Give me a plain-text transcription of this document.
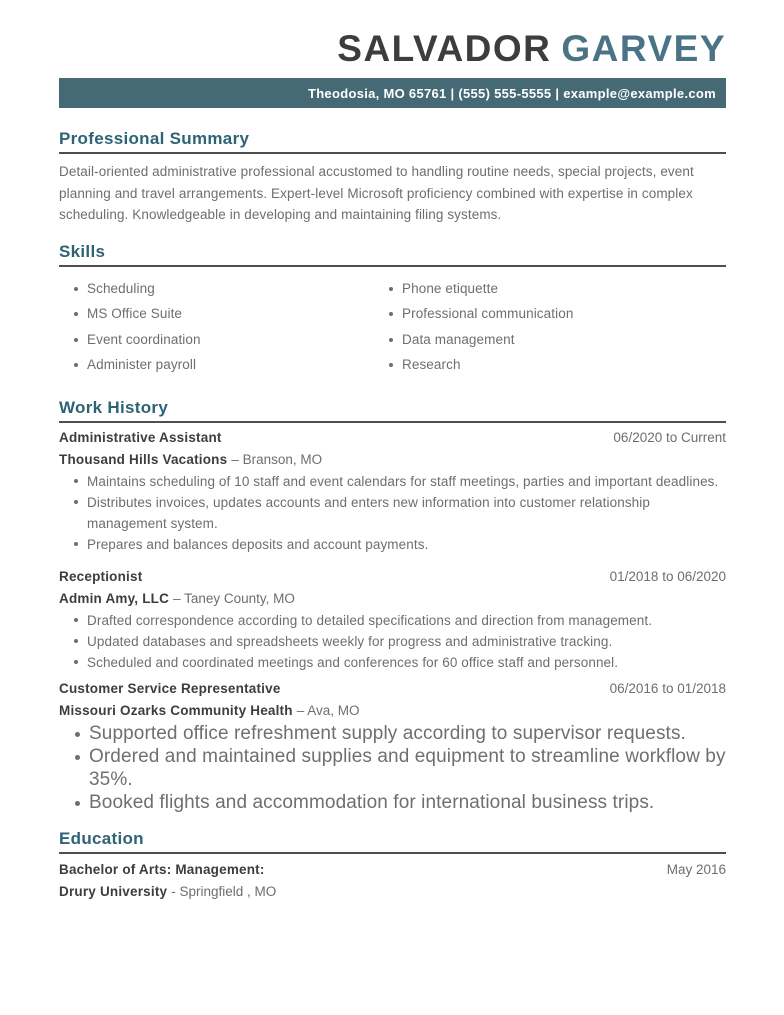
SALVADOR GARVEY
Theodosia, MO 65761 | (555) 555-5555 | example@example.com
Professional Summary

Detail-oriented administrative professional accustomed to handling routine needs, special projects, event planning and travel arrangements. Expert-level Microsoft proficiency combined with expertise in complex scheduling. Knowledgeable in developing and maintaining filing systems.

Skills
Scheduling
MS Office Suite
Event coordination
Administer payroll
Phone etiquette
Professional communication
Data management
Research
Work History
Administrative Assistant	06/2020 to Current
Thousand Hills Vacations – Branson, MO
Maintains scheduling of 10 staff and event calendars for staff meetings, parties and important deadlines.
Distributes invoices, updates accounts and enters new information into customer relationship management system.
Prepares and balances deposits and account payments.
Receptionist	01/2018 to 06/2020
Admin Amy, LLC – Taney County, MO
Drafted correspondence according to detailed specifications and direction from management.
Updated databases and spreadsheets weekly for progress and administrative tracking.
Scheduled and coordinated meetings and conferences for 60 office staff and personnel.
Customer Service Representative	06/2016 to 01/2018
Missouri Ozarks Community Health – Ava, MO
Supported office refreshment supply according to supervisor requests.
Ordered and maintained supplies and equipment to streamline workflow by 35%.
Booked flights and accommodation for international business trips.
Education
Bachelor of Arts: Management:	May 2016
Drury University - Springfield , MO
